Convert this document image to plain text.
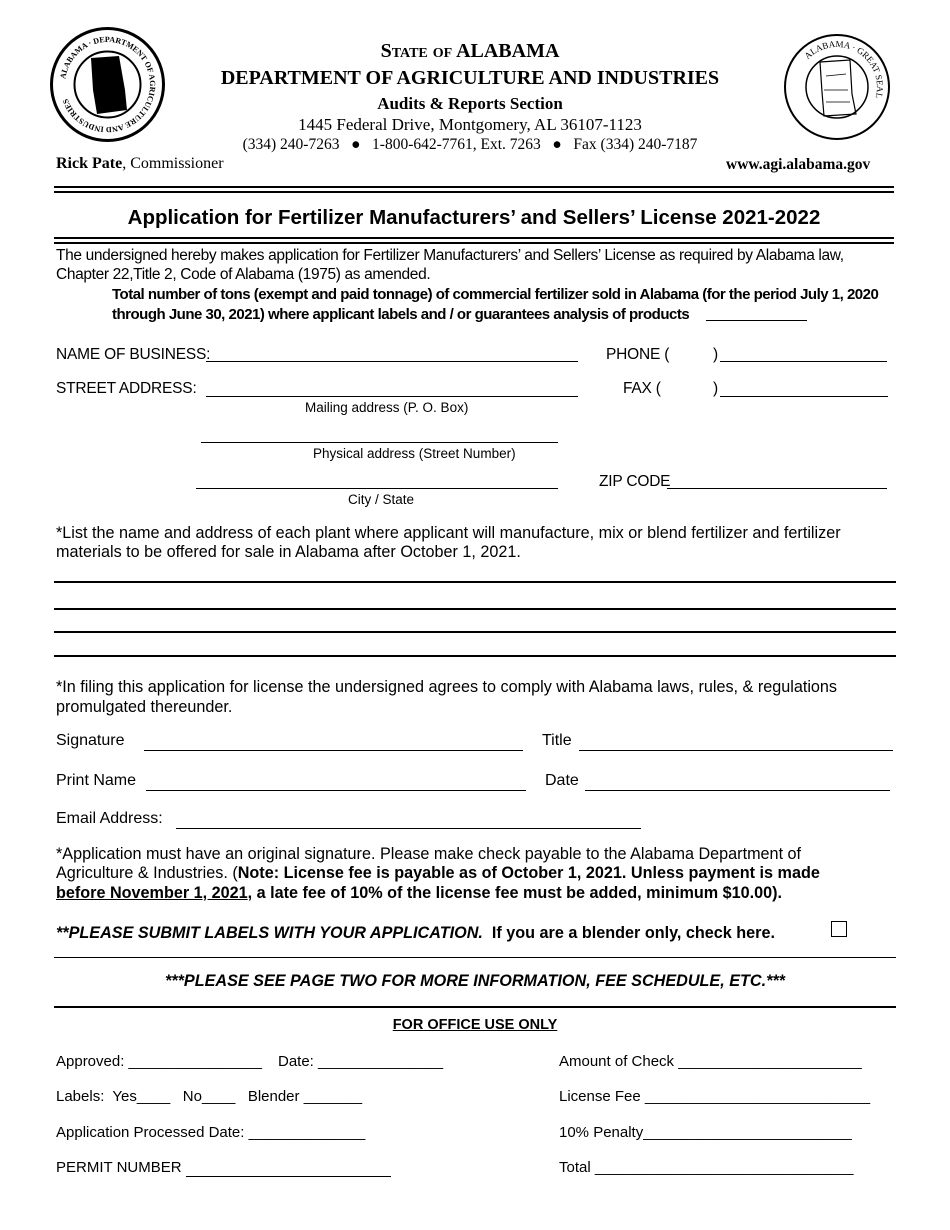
ALABAMA · DEPARTMENT OF AGRICULTURE AND INDUSTRIES
ALABAMA · GREAT SEAL
State of ALABAMA
DEPARTMENT OF AGRICULTURE AND INDUSTRIES
Audits & Reports Section
1445 Federal Drive, Montgomery, AL 36107-1123
(334) 240-7263   ●   1-800-642-7761, Ext. 7263   ●   Fax (334) 240-7187
Rick Pate, Commissioner	www.agi.alabama.gov
Application for Fertilizer Manufacturers’ and Sellers’ License 2021-2022
The undersigned hereby makes application for Fertilizer Manufacturers’ and Sellers’ License as required by Alabama law,
Chapter 22,Title 2, Code of Alabama (1975) as amended.
Total number of tons (exempt and paid tonnage) of commercial fertilizer sold in Alabama (for the period July 1, 2020
through June 30, 2021) where applicant labels and / or guarantees analysis of products
NAME OF BUSINESS:	PHONE (	)
STREET ADDRESS:	FAX (	)
Mailing address (P. O. Box)
Physical address (Street Number)
ZIP CODE
City / State
*List the name and address of each plant where applicant will manufacture, mix or blend fertilizer and fertilizer
materials to be offered for sale in Alabama after October 1, 2021.
*In filing this application for license the undersigned agrees to comply with Alabama laws, rules, & regulations
promulgated thereunder.
Signature	Title
Print Name	Date
Email Address:
*Application must have an original signature. Please make check payable to the Alabama Department of
Agriculture & Industries. (Note: License fee is payable as of October 1, 2021. Unless payment is made
before November 1, 2021, a late fee of 10% of the license fee must be added, minimum $10.00).
**PLEASE SUBMIT LABELS WITH YOUR APPLICATION. If you are a blender only, check here.
***PLEASE SEE PAGE TWO FOR MORE INFORMATION, FEE SCHEDULE, ETC.***
FOR OFFICE USE ONLY
Approved: ________________ Date: _______________	Amount of Check ______________________
Labels:  Yes____   No____   Blender _______	License Fee ___________________________
Application Processed Date: ______________	10% Penalty_________________________
PERMIT NUMBER	Total _______________________________
